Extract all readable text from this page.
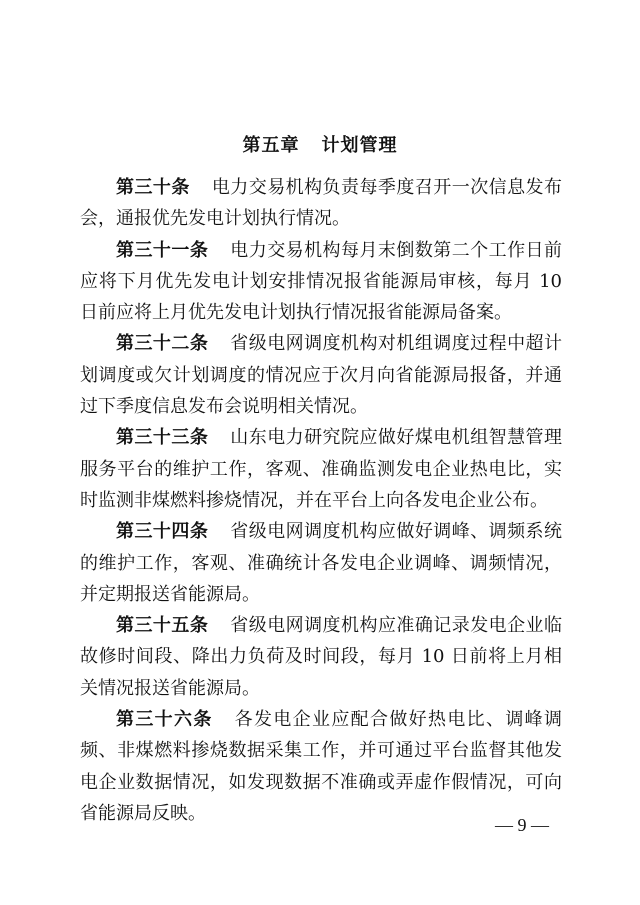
第五章 计划管理

第三十条 电力交易机构负责每季度召开一次信息发布会，通报优先发电计划执行情况。

第三十一条 电力交易机构每月末倒数第二个工作日前应将下月优先发电计划安排情况报省能源局审核，每月 10 日前应将上月优先发电计划执行情况报省能源局备案。

第三十二条 省级电网调度机构对机组调度过程中超计划调度或欠计划调度的情况应于次月向省能源局报备，并通过下季度信息发布会说明相关情况。

第三十三条 山东电力研究院应做好煤电机组智慧管理服务平台的维护工作，客观、准确监测发电企业热电比，实时监测非煤燃料掺烧情况，并在平台上向各发电企业公布。

第三十四条 省级电网调度机构应做好调峰、调频系统的维护工作，客观、准确统计各发电企业调峰、调频情况，并定期报送省能源局。

第三十五条 省级电网调度机构应准确记录发电企业临故修时间段、降出力负荷及时间段，每月 10 日前将上月相关情况报送省能源局。

第三十六条 各发电企业应配合做好热电比、调峰调频、非煤燃料掺烧数据采集工作，并可通过平台监督其他发电企业数据情况，如发现数据不准确或弄虚作假情况，可向省能源局反映。

— 9 —
